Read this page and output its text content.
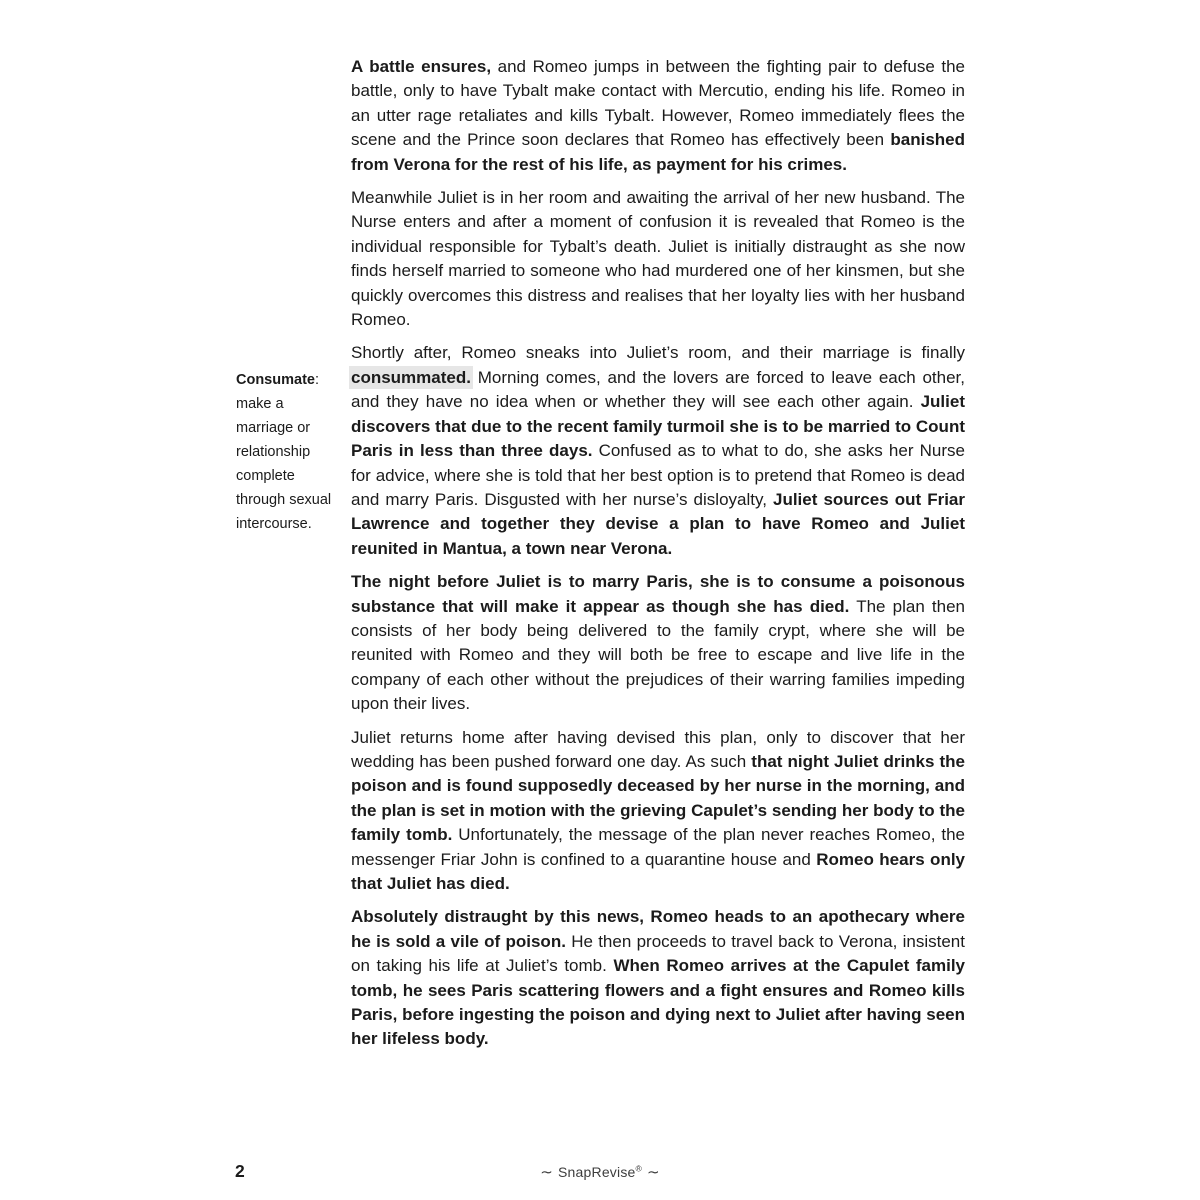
Consumate: make a marriage or relationship complete through sexual intercourse.

A battle ensures, and Romeo jumps in between the fighting pair to defuse the battle, only to have Tybalt make contact with Mercutio, ending his life. Romeo in an utter rage retaliates and kills Tybalt. However, Romeo immediately flees the scene and the Prince soon declares that Romeo has effectively been banished from Verona for the rest of his life, as payment for his crimes.

Meanwhile Juliet is in her room and awaiting the arrival of her new husband. The Nurse enters and after a moment of confusion it is revealed that Romeo is the individual responsible for Tybalt’s death. Juliet is initially distraught as she now finds herself married to someone who had murdered one of her kinsmen, but she quickly overcomes this distress and realises that her loyalty lies with her husband Romeo.

Shortly after, Romeo sneaks into Juliet’s room, and their marriage is finally consummated. Morning comes, and the lovers are forced to leave each other, and they have no idea when or whether they will see each other again. Juliet discovers that due to the recent family turmoil she is to be married to Count Paris in less than three days. Confused as to what to do, she asks her Nurse for advice, where she is told that her best option is to pretend that Romeo is dead and marry Paris. Disgusted with her nurse’s disloyalty, Juliet sources out Friar Lawrence and together they devise a plan to have Romeo and Juliet reunited in Mantua, a town near Verona.

The night before Juliet is to marry Paris, she is to consume a poisonous substance that will make it appear as though she has died. The plan then consists of her body being delivered to the family crypt, where she will be reunited with Romeo and they will both be free to escape and live life in the company of each other without the prejudices of their warring families impeding upon their lives.

Juliet returns home after having devised this plan, only to discover that her wedding has been pushed forward one day. As such that night Juliet drinks the poison and is found supposedly deceased by her nurse in the morning, and the plan is set in motion with the grieving Capulet’s sending her body to the family tomb. Unfortunately, the message of the plan never reaches Romeo, the messenger Friar John is confined to a quarantine house and Romeo hears only that Juliet has died.

Absolutely distraught by this news, Romeo heads to an apothecary where he is sold a vile of poison. He then proceeds to travel back to Verona, insistent on taking his life at Juliet’s tomb. When Romeo arrives at the Capulet family tomb, he sees Paris scattering flowers and a fight ensures and Romeo kills Paris, before ingesting the poison and dying next to Juliet after having seen her lifeless body.

2	∼ SnapRevise® ∼
